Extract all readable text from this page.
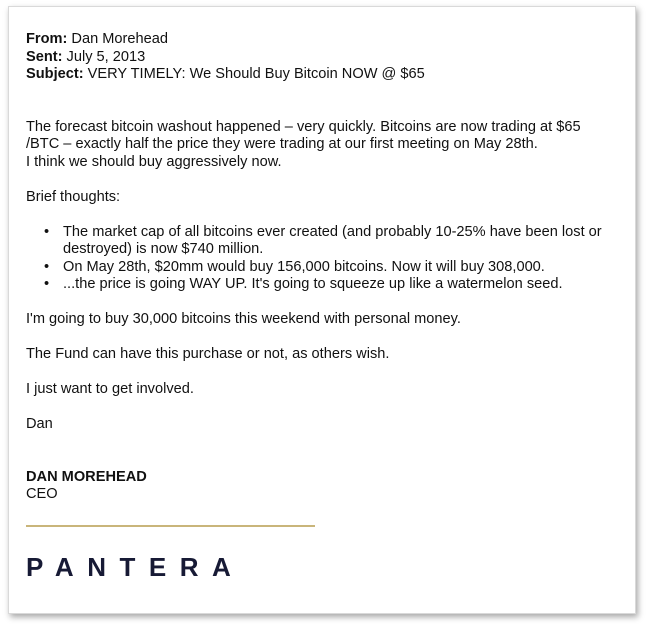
From: Dan Morehead
Sent: July 5, 2013
Subject: VERY TIMELY: We Should Buy Bitcoin NOW @ $65

The forecast bitcoin washout happened – very quickly. Bitcoins are now trading at $65
/BTC – exactly half the price they were trading at our first meeting on May 28th.
I think we should buy aggressively now.

Brief thoughts:

• The market cap of all bitcoins ever created (and probably 10-25% have been lost or
destroyed) is now $740 million.
• On May 28th, $20mm would buy 156,000 bitcoins. Now it will buy 308,000.
• ...the price is going WAY UP. It's going to squeeze up like a watermelon seed.

I'm going to buy 30,000 bitcoins this weekend with personal money.

The Fund can have this purchase or not, as others wish.

I just want to get involved.

Dan

DAN MOREHEAD

CEO

PANTERA
